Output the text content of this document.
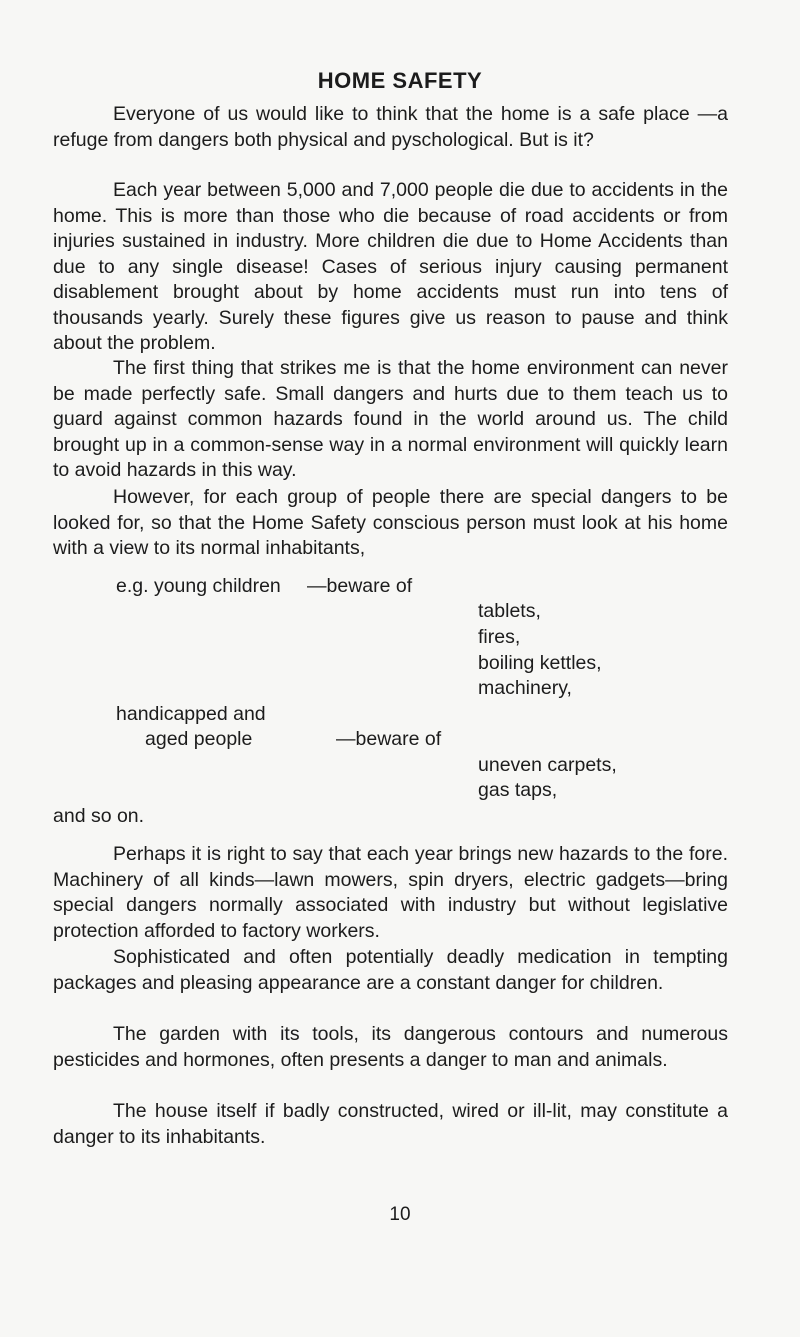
HOME SAFETY
Everyone of us would like to think that the home is a safe place —a refuge from dangers both physical and pyschological. But is it?
Each year between 5,000 and 7,000 people die due to accidents in the home. This is more than those who die because of road accidents or from injuries sustained in industry. More children die due to Home Accidents than due to any single disease! Cases of serious injury causing permanent disablement brought about by home accidents must run into tens of thousands yearly. Surely these figures give us reason to pause and think about the problem.
The first thing that strikes me is that the home environment can never be made perfectly safe. Small dangers and hurts due to them teach us to guard against common hazards found in the world around us. The child brought up in a common-sense way in a normal environment will quickly learn to avoid hazards in this way.
However, for each group of people there are special dangers to be looked for, so that the Home Safety conscious person must look at his home with a view to its normal inhabitants,
e.g. young children —beware of
tablets,
fires,
boiling kettles,
machinery,
handicapped and
aged people	—beware of
uneven carpets,
gas taps,
and so on.
Perhaps it is right to say that each year brings new hazards to the fore. Machinery of all kinds—lawn mowers, spin dryers, electric gadgets—bring special dangers normally associated with industry but without legislative protection afforded to factory workers.
Sophisticated and often potentially deadly medication in tempting packages and pleasing appearance are a constant danger for children.
The garden with its tools, its dangerous contours and numerous pesticides and hormones, often presents a danger to man and animals.
The house itself if badly constructed, wired or ill-lit, may constitute a danger to its inhabitants.
10
